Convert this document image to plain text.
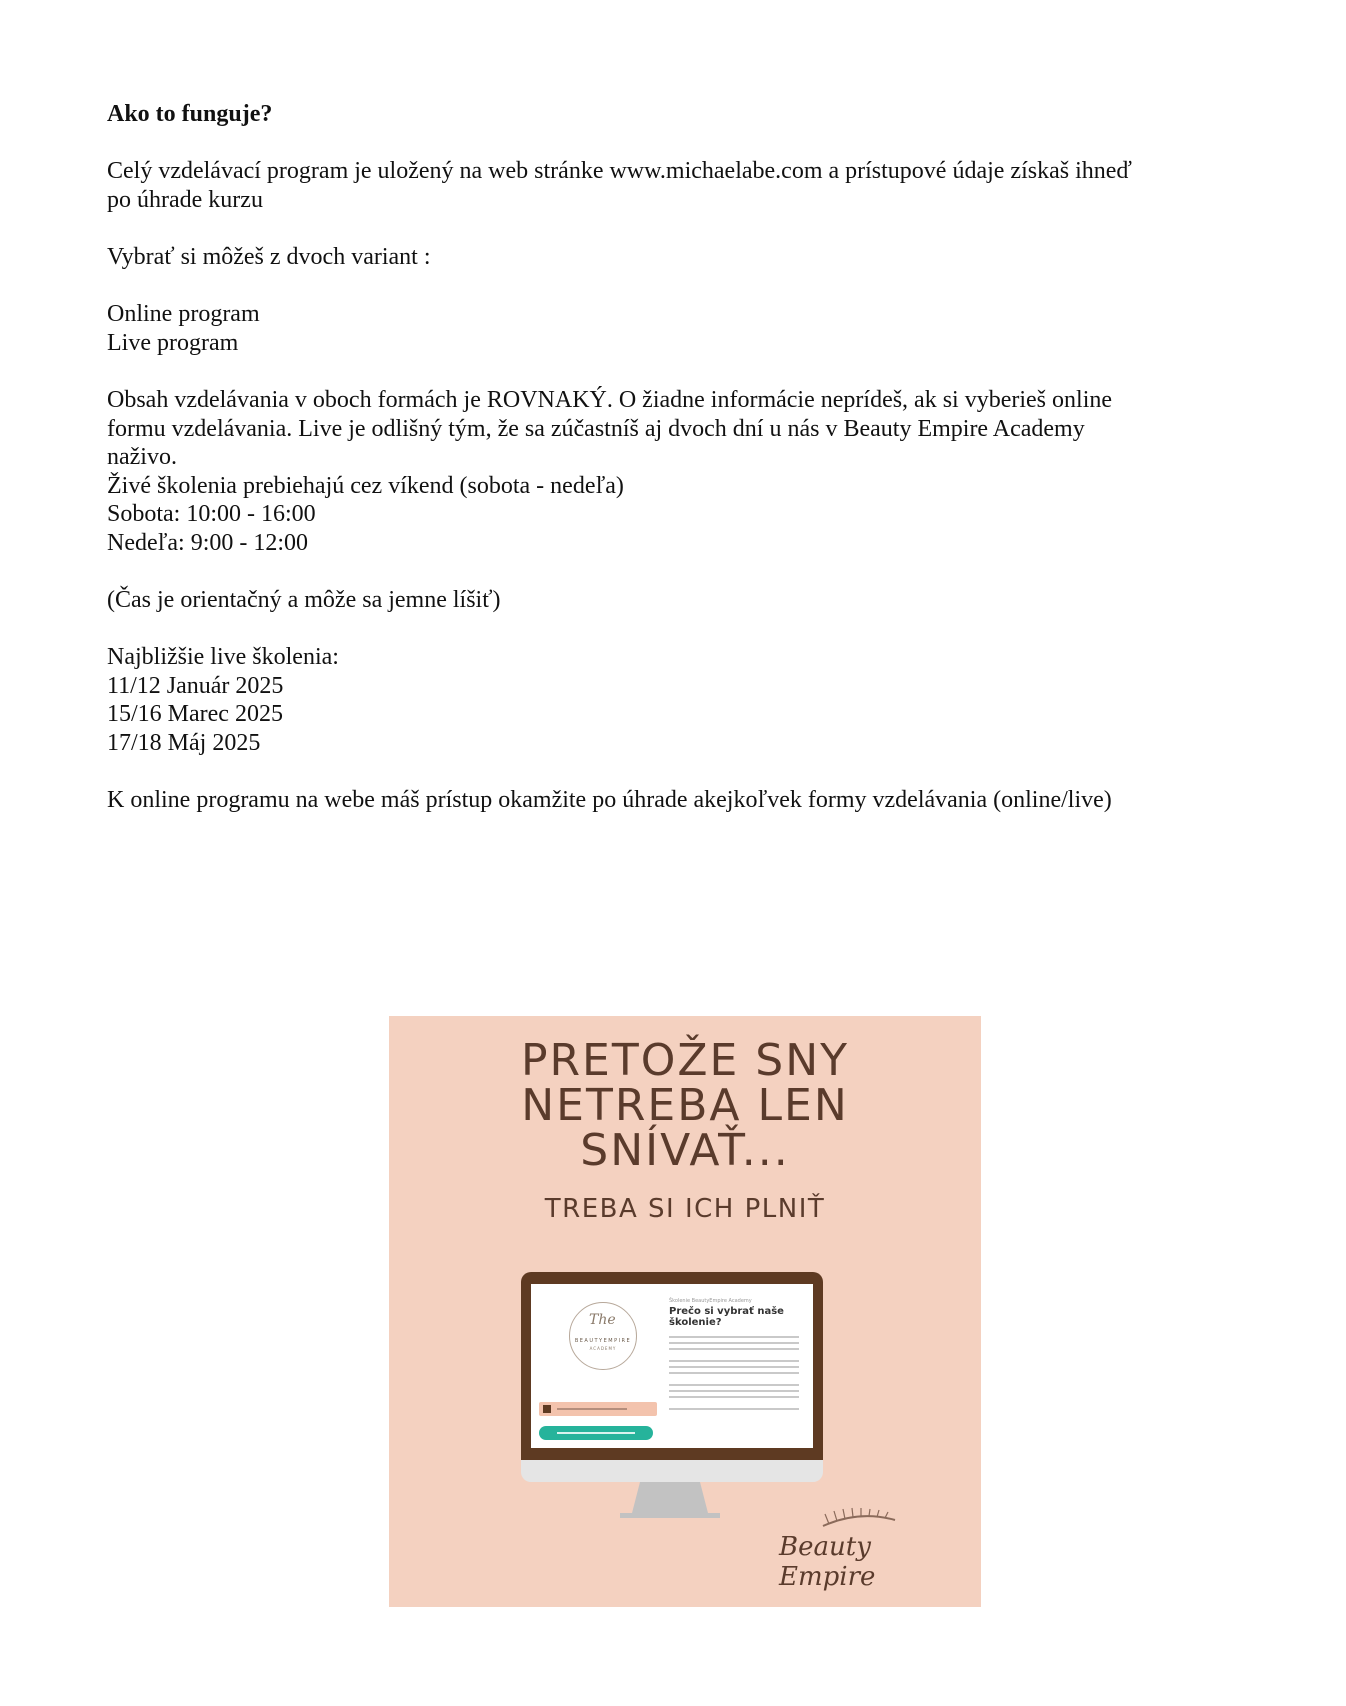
Ako to funguje?

Celý vzdelávací program je uložený na web stránke www.michaelabe.com a prístupové údaje získaš ihneď
po úhrade kurzu

Vybrať si môžeš z dvoch variant :

Online program
Live program

Obsah vzdelávania v oboch formách je ROVNAKÝ. O žiadne informácie neprídeš, ak si vyberieš online
formu vzdelávania. Live je odlišný tým, že sa zúčastníš aj dvoch dní u nás v Beauty Empire Academy
naživo.
Živé školenia prebiehajú cez víkend (sobota - nedeľa)
Sobota: 10:00 - 16:00
Nedeľa: 9:00 - 12:00

(Čas je orientačný a môže sa jemne líšiť)

Najbližšie live školenia:
11/12 Január 2025
15/16 Marec 2025
17/18 Máj 2025

K online programu na webe máš prístup okamžite po úhrade akejkoľvek formy vzdelávania (online/live)

PRETOŽE SNY
NETREBA LEN
SNÍVAŤ...
TREBA SI ICH PLNIŤ
The
BEAUTYEMPIRE
ACADEMY
Školenie BeautyEmpire Academy
Prečo si vybrať naše školenie?
Beauty Empire
